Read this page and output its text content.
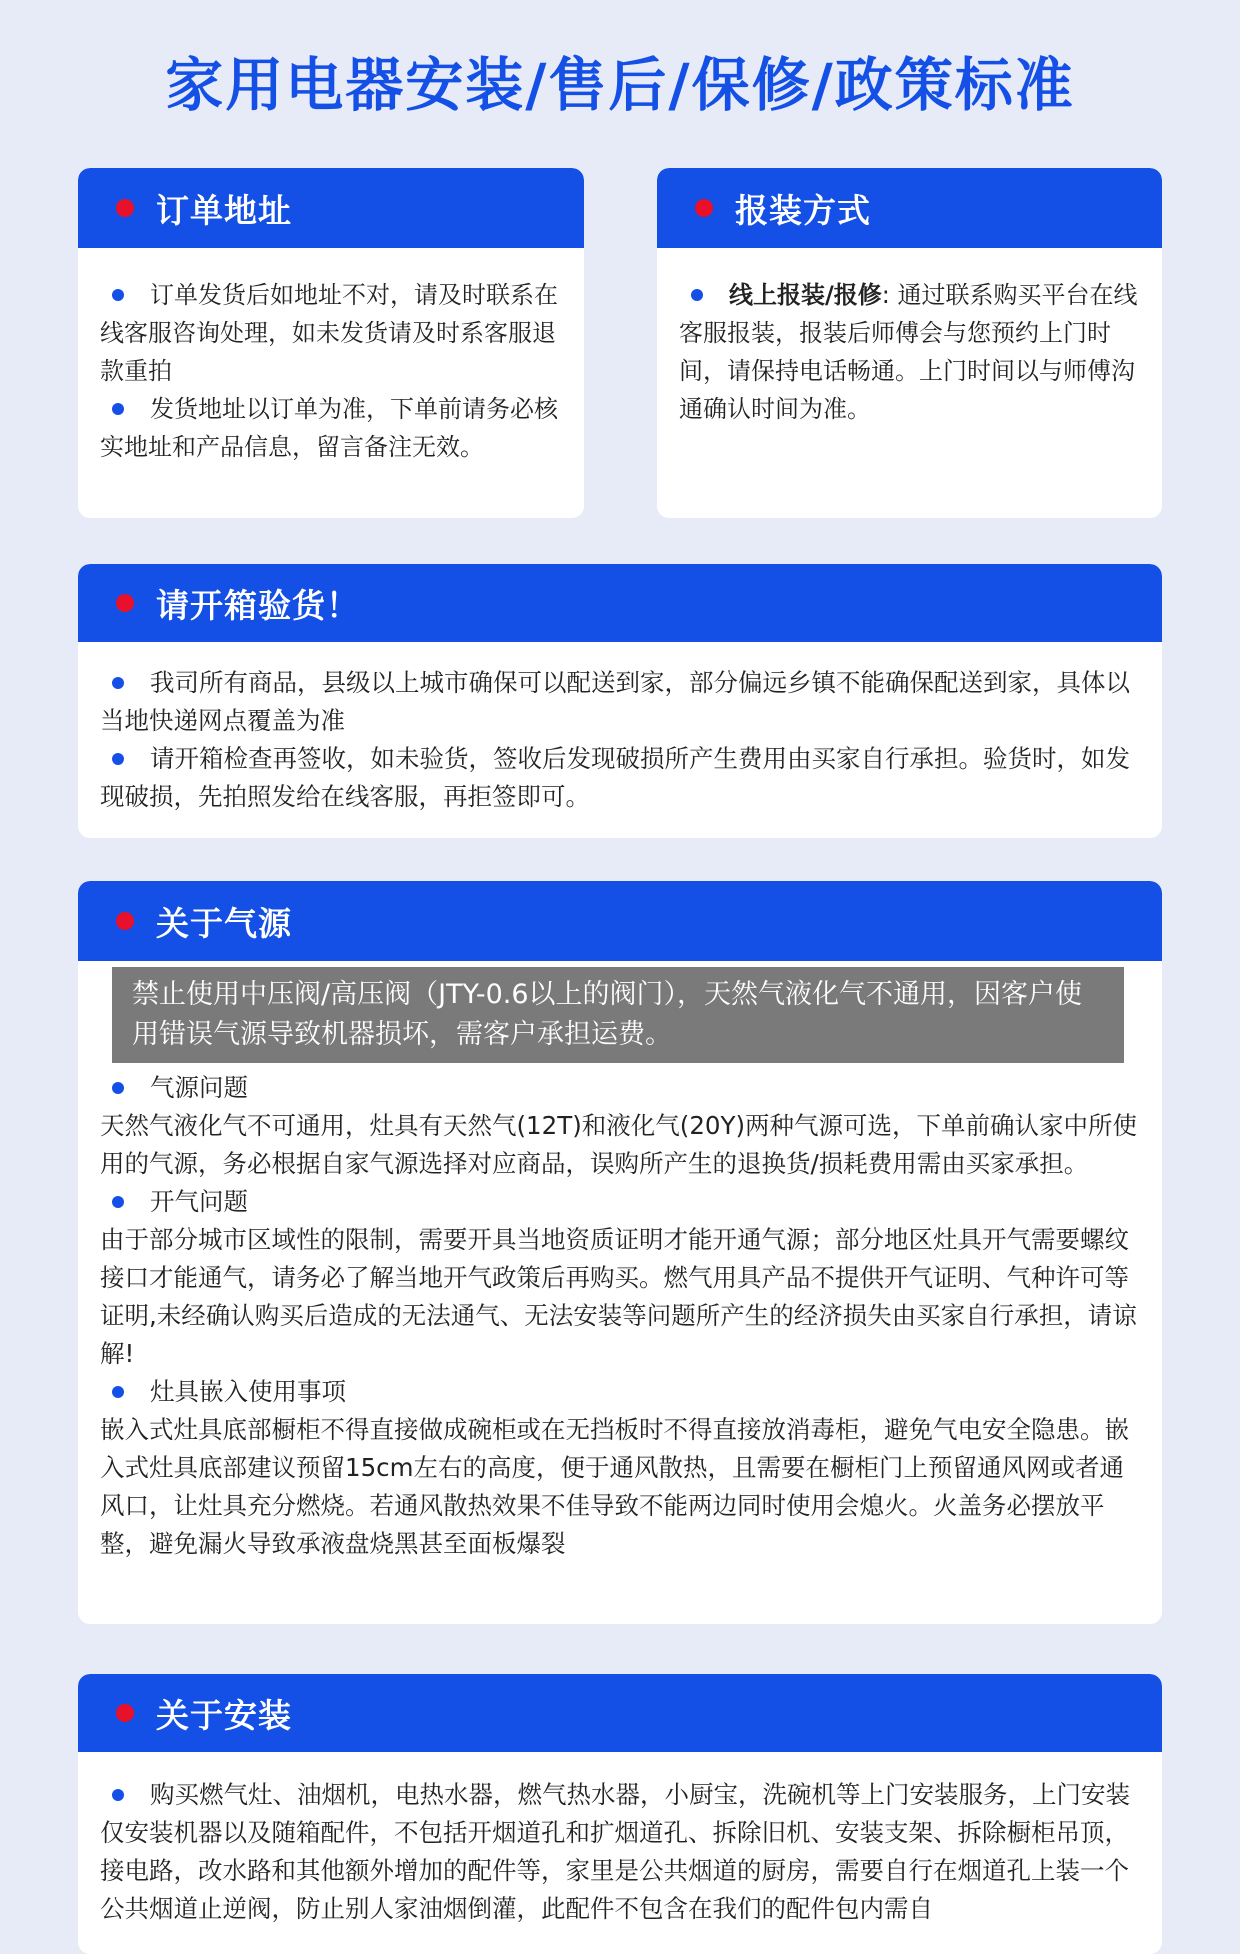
家用电器安装/售后/保修/政策标准
订单地址

订单发货后如地址不对，请及时联系在线客服咨询处理，如未发货请及时系客服退款重拍

发货地址以订单为准，下单前请务必核实地址和产品信息，留言备注无效。

报装方式

线上报装/报修: 通过联系购买平台在线客服报装，报装后师傅会与您预约上门时间，请保持电话畅通。上门时间以与师傅沟通确认时间为准。

请开箱验货！

我司所有商品，县级以上城市确保可以配送到家，部分偏远乡镇不能确保配送到家，具体以当地快递网点覆盖为准

请开箱检查再签收，如未验货，签收后发现破损所产生费用由买家自行承担。验货时，如发现破损，先拍照发给在线客服，再拒签即可。

关于气源
禁止使用中压阀/高压阀（JTY-0.6以上的阀门），天然气液化气不通用，因客户使用错误气源导致机器损坏，需客户承担运费。

气源问题

天然气液化气不可通用，灶具有天然气(12T)和液化气(20Y)两种气源可选，下单前确认家中所使用的气源，务必根据自家气源选择对应商品，误购所产生的退换货/损耗费用需由买家承担。

开气问题

由于部分城市区域性的限制，需要开具当地资质证明才能开通气源；部分地区灶具开气需要螺纹接口才能通气，请务必了解当地开气政策后再购买。燃气用具产品不提供开气证明、气种许可等证明,未经确认购买后造成的无法通气、无法安装等问题所产生的经济损失由买家自行承担，请谅解!

灶具嵌入使用事项

嵌入式灶具底部橱柜不得直接做成碗柜或在无挡板时不得直接放消毒柜，避免气电安全隐患。嵌入式灶具底部建议预留15cm左右的高度，便于通风散热，且需要在橱柜门上预留通风网或者通风口，让灶具充分燃烧。若通风散热效果不佳导致不能两边同时使用会熄火。火盖务必摆放平整，避免漏火导致承液盘烧黑甚至面板爆裂

关于安装

购买燃气灶、油烟机，电热水器，燃气热水器，小厨宝，洗碗机等上门安装服务，上门安装仅安装机器以及随箱配件，不包括开烟道孔和扩烟道孔、拆除旧机、安装支架、拆除橱柜吊顶，接电路，改水路和其他额外增加的配件等，家里是公共烟道的厨房，需要自行在烟道孔上装一个公共烟道止逆阀，防止别人家油烟倒灌，此配件不包含在我们的配件包内需自
